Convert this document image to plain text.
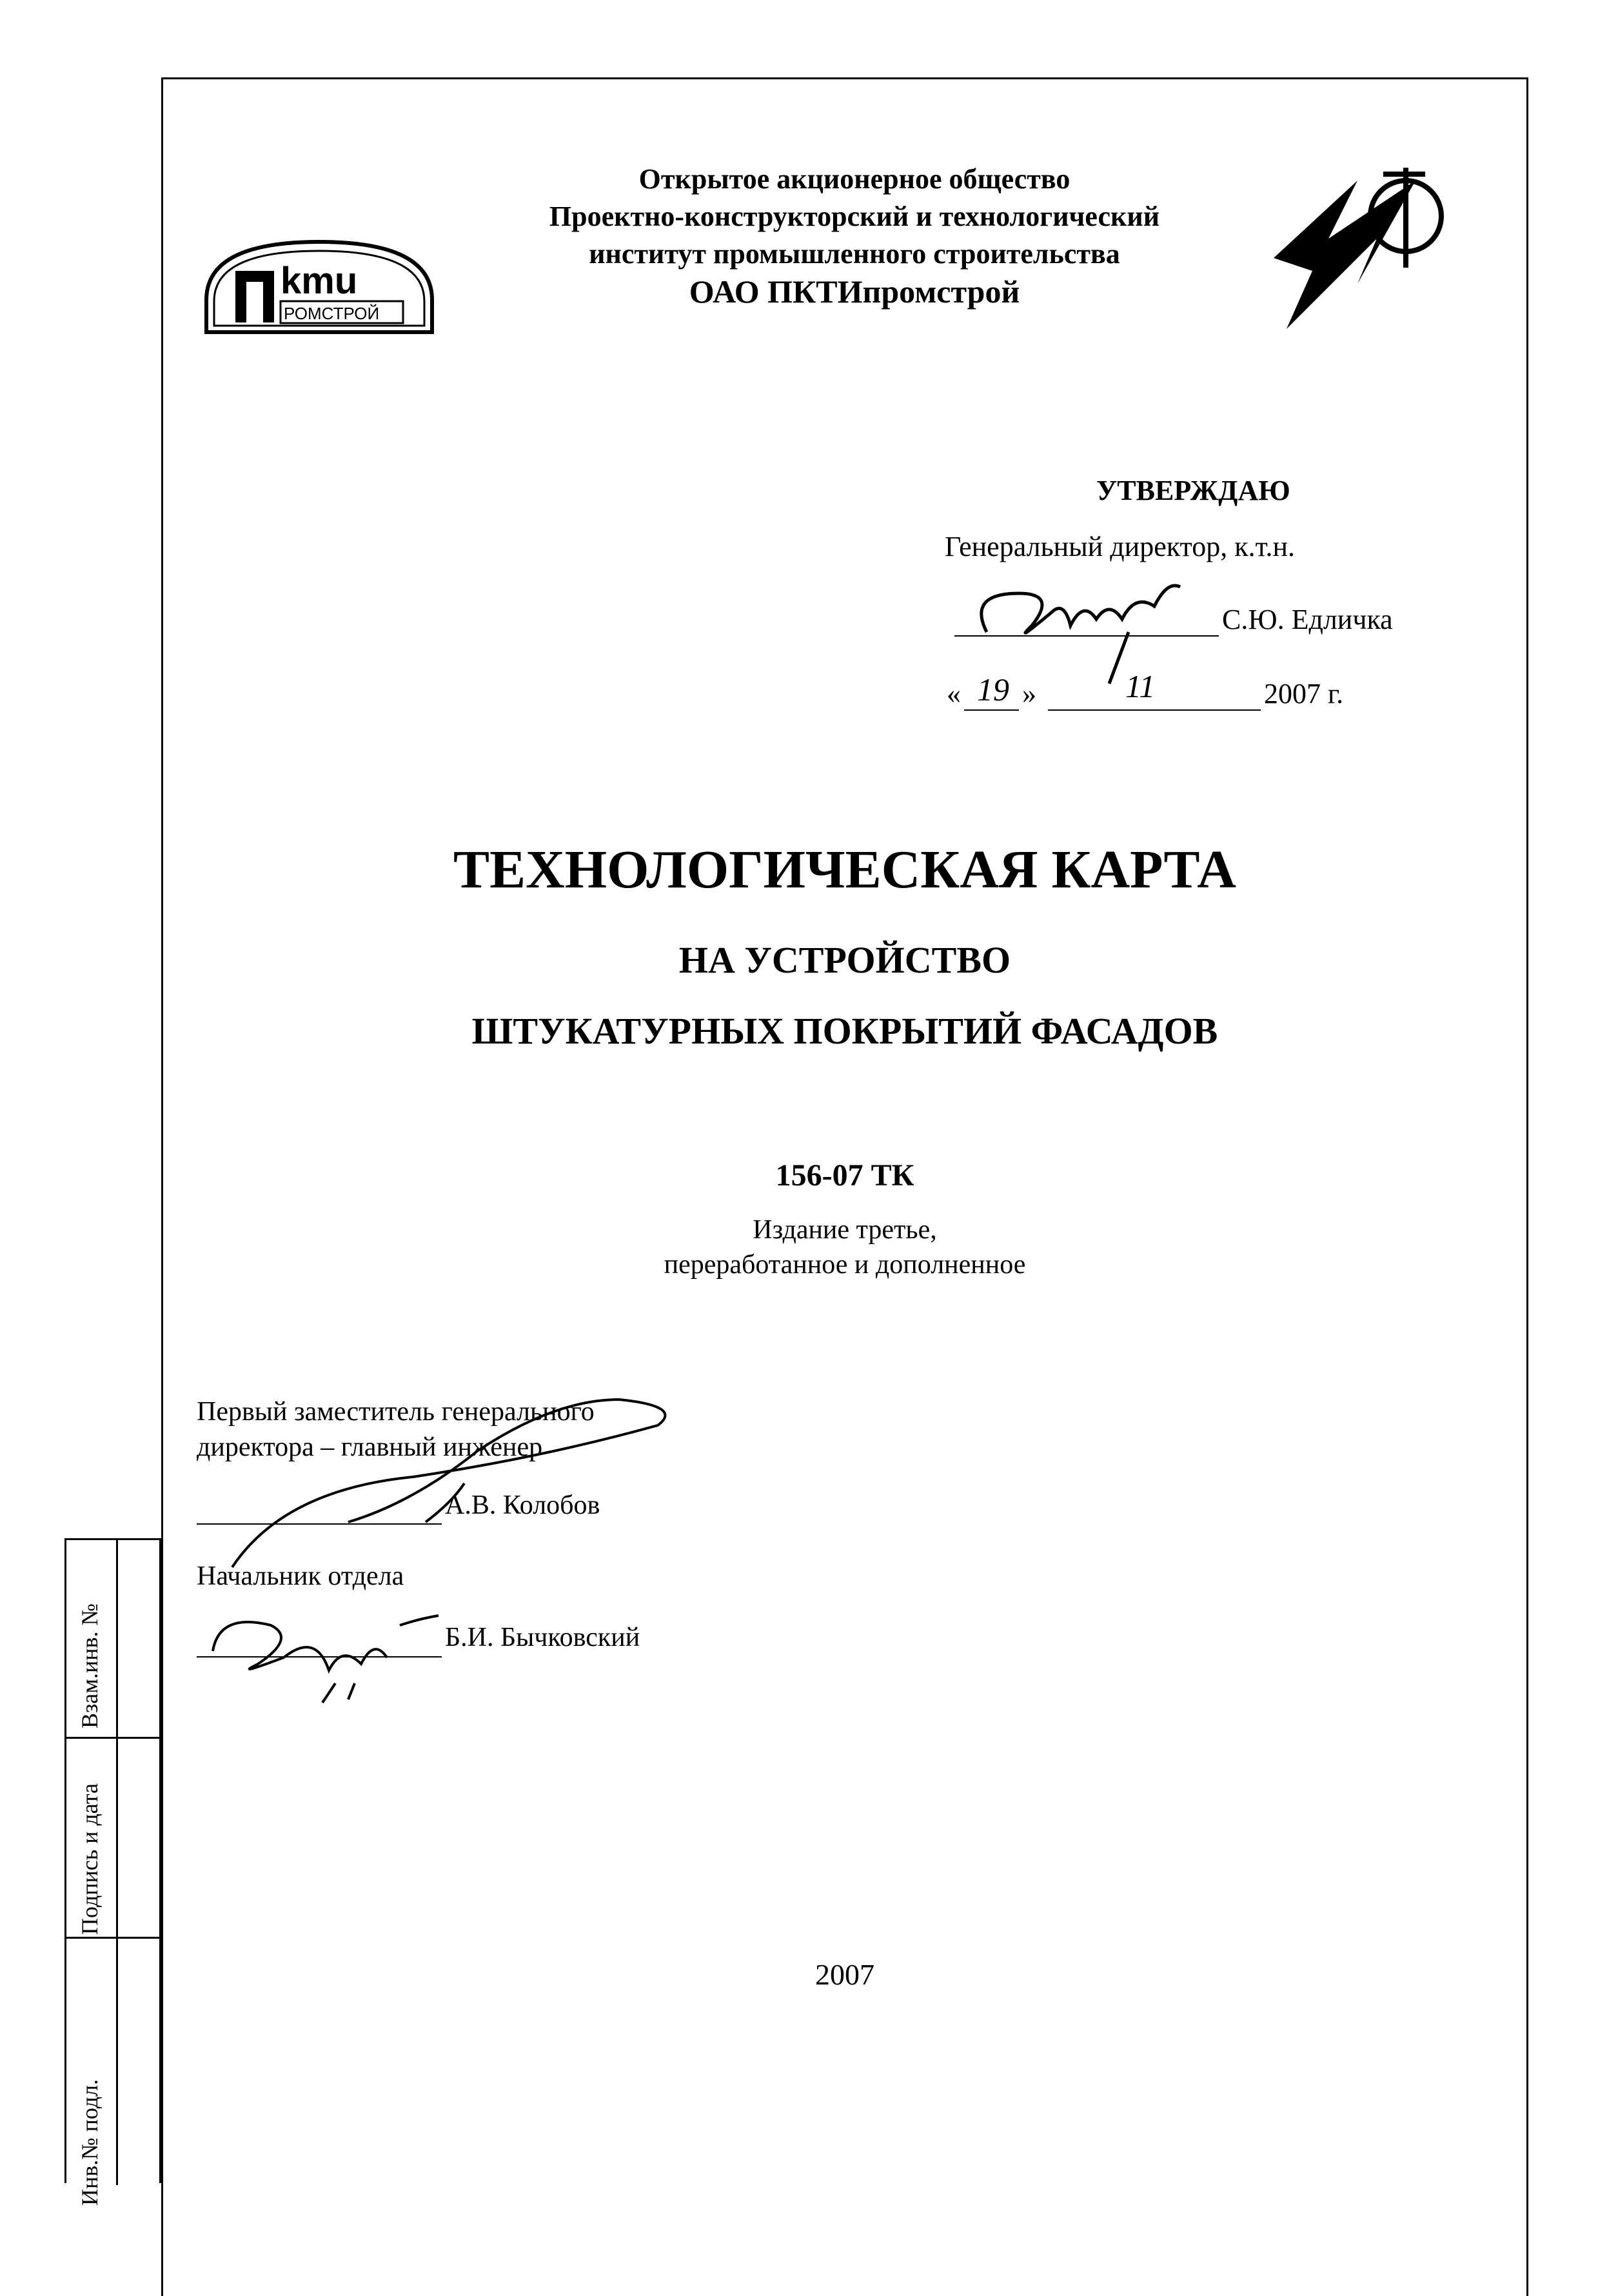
kmu
РОМСТРОЙ
Открытое акционерное общество
Проектно-конструкторский и технологический
институт промышленного строительства
ОАО ПКТИпромстрой
УТВЕРЖДАЮ
Генеральный директор, к.т.н.
С.Ю. Едличка
« 19 »	11	2007 г.
ТЕХНОЛОГИЧЕСКАЯ КАРТА
НА УСТРОЙСТВО
ШТУКАТУРНЫХ ПОКРЫТИЙ ФАСАДОВ
156-07 ТК
Издание третье,
переработанное и дополненное
Первый заместитель генерального
директора – главный инженер
А.В. Колобов
Начальник отдела
Б.И. Бычковский
2007
Взам.инв. №
Подпись и дата
Инв.№ подл.
